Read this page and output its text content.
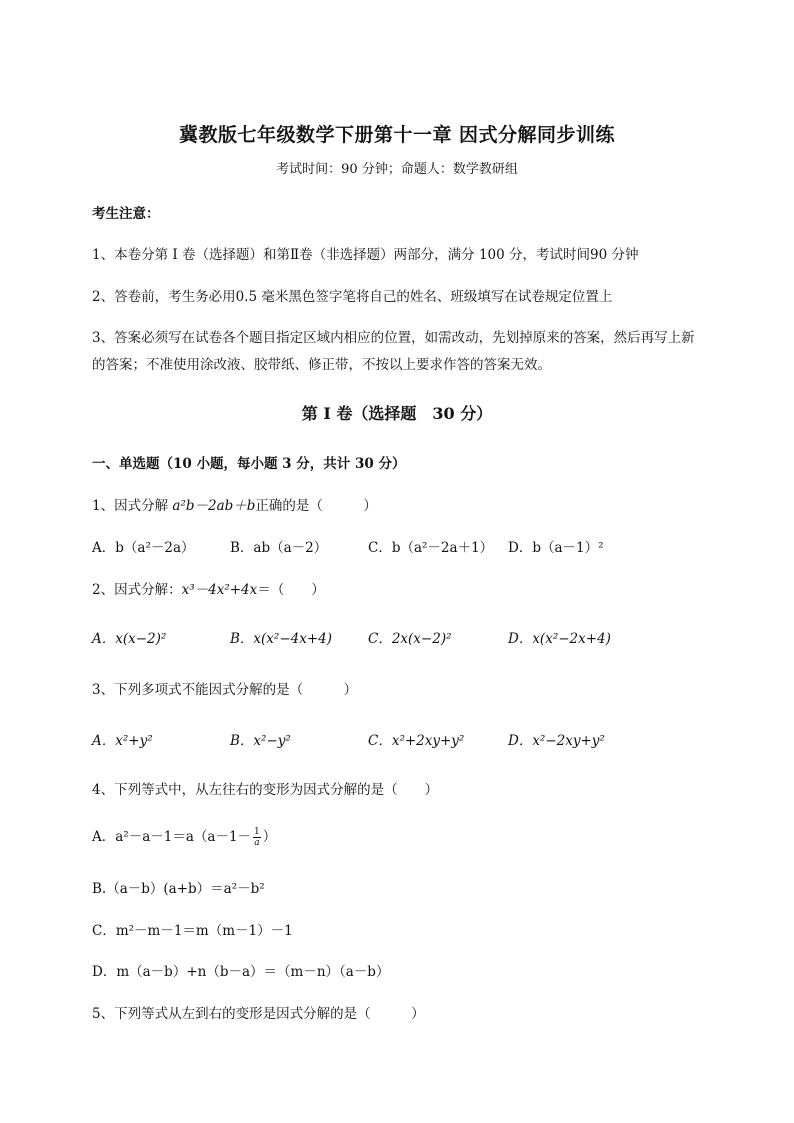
冀教版七年级数学下册第十一章 因式分解同步训练
考试时间：90 分钟；命题人：数学教研组
考生注意：
1、本卷分第 I 卷（选择题）和第Ⅱ卷（非选择题）两部分，满分 100 分，考试时间90 分钟
2、答卷前，考生务必用0.5 毫米黑色签字笔将自己的姓名、班级填写在试卷规定位置上
3、答案必须写在试卷各个题目指定区域内相应的位置，如需改动，先划掉原来的答案，然后再写上新
的答案；不准使用涂改液、胶带纸、修正带，不按以上要求作答的答案无效。
第 I 卷（选择题　30 分）
一、单选题（10 小题，每小题 3 分，共计 30 分）
1、因式分解 a²b－2ab＋b正确的是（　　　）
A．b（a²－2a）	B．ab（a－2）	C．b（a²－2a＋1） D．b（a－1）²
2、因式分解：x³－4x²+4x＝（　　）
A．x(x−2)²	B．x(x²−4x+4)	C．2x(x−2)²	D．x(x²−2x+4)
3、下列多项式不能因式分解的是（　　　）
A．x²+y²	B．x²−y²	C．x²+2xy+y²	D．x²−2xy+y²
4、下列等式中，从左往右的变形为因式分解的是（　　）
A．$a^2-a-1=a(a-1- \frac{1}{a}$ ）
B.（a－b）(a+b）＝a²－b²
C．m²－m－1＝m（m－1）－1
D．m（a－b）+n（b－a）＝（m－n）（a－b）
5、下列等式从左到右的变形是因式分解的是（　　　）
